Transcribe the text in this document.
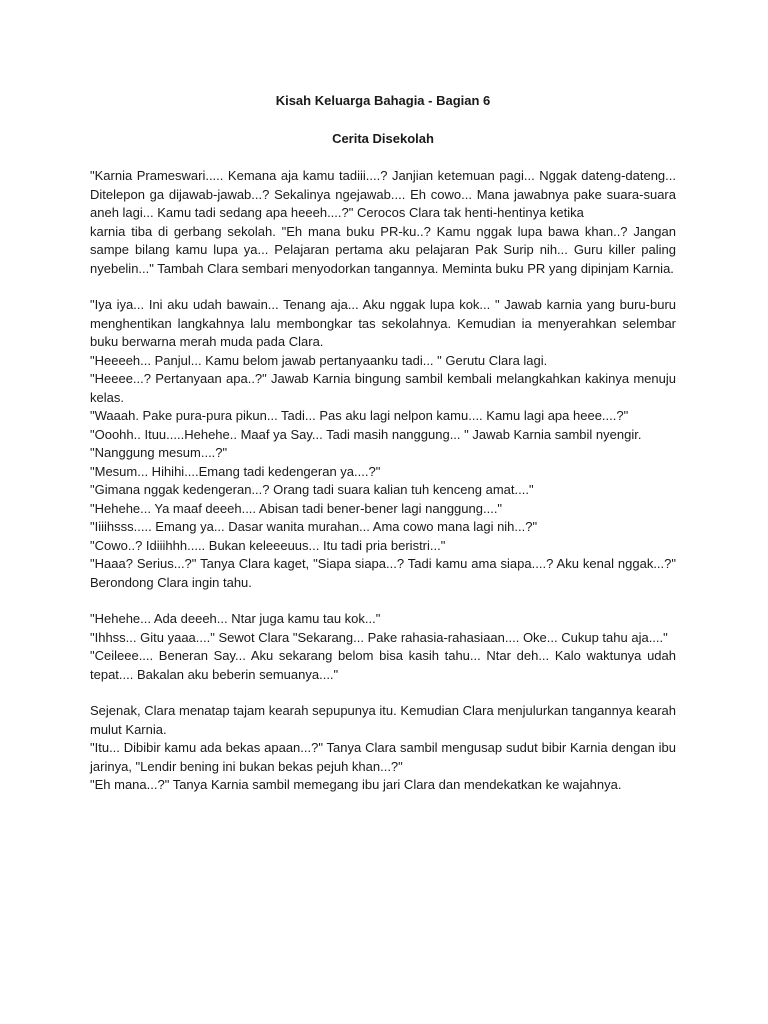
Kisah Keluarga Bahagia - Bagian 6
Cerita Disekolah

"Karnia Prameswari..... Kemana aja kamu tadiii....? Janjian ketemuan pagi... Nggak dateng-dateng... Ditelepon ga dijawab-jawab...? Sekalinya ngejawab.... Eh cowo... Mana jawabnya pake suara-suara aneh lagi... Kamu tadi sedang apa heeeh....?" Cerocos Clara tak henti-hentinya ketika

karnia tiba di gerbang sekolah. "Eh mana buku PR-ku..? Kamu nggak lupa bawa khan..? Jangan sampe bilang kamu lupa ya... Pelajaran pertama aku pelajaran Pak Surip nih... Guru killer paling nyebelin..." Tambah Clara sembari menyodorkan tangannya. Meminta buku PR yang dipinjam Karnia.

"Iya iya... Ini aku udah bawain... Tenang aja... Aku nggak lupa kok... " Jawab karnia yang buru-buru menghentikan langkahnya lalu membongkar tas sekolahnya. Kemudian ia menyerahkan selembar buku berwarna merah muda pada Clara.

"Heeeeh... Panjul... Kamu belom jawab pertanyaanku tadi... " Gerutu Clara lagi.

"Heeee...? Pertanyaan apa..?" Jawab Karnia bingung sambil kembali melangkahkan kakinya menuju kelas.

"Waaah. Pake pura-pura pikun... Tadi... Pas aku lagi nelpon kamu.... Kamu lagi apa heee....?"

"Ooohh.. Ituu.....Hehehe.. Maaf ya Say... Tadi masih nanggung... " Jawab Karnia sambil nyengir.

"Nanggung mesum....?"

"Mesum... Hihihi....Emang tadi kedengeran ya....?"

"Gimana nggak kedengeran...? Orang tadi suara kalian tuh kenceng amat...."

"Hehehe... Ya maaf deeeh.... Abisan tadi bener-bener lagi nanggung...."

"Iiiihsss..... Emang ya... Dasar wanita murahan... Ama cowo mana lagi nih...?"

"Cowo..? Idiiihhh..... Bukan keleeeuus... Itu tadi pria beristri..."

"Haaa? Serius...?" Tanya Clara kaget, "Siapa siapa...? Tadi kamu ama siapa....? Aku kenal nggak...?" Berondong Clara ingin tahu.

"Hehehe... Ada deeeh... Ntar juga kamu tau kok..."

"Ihhss... Gitu yaaa...." Sewot Clara "Sekarang... Pake rahasia-rahasiaan.... Oke... Cukup tahu aja...."

"Ceileee.... Beneran Say... Aku sekarang belom bisa kasih tahu... Ntar deh... Kalo waktunya udah tepat.... Bakalan aku beberin semuanya...."

Sejenak, Clara menatap tajam kearah sepupunya itu. Kemudian Clara menjulurkan tangannya kearah mulut Karnia.

"Itu... Dibibir kamu ada bekas apaan...?" Tanya Clara sambil mengusap sudut bibir Karnia dengan ibu jarinya, "Lendir bening ini bukan bekas pejuh khan...?"

"Eh mana...?" Tanya Karnia sambil memegang ibu jari Clara dan mendekatkan ke wajahnya.
